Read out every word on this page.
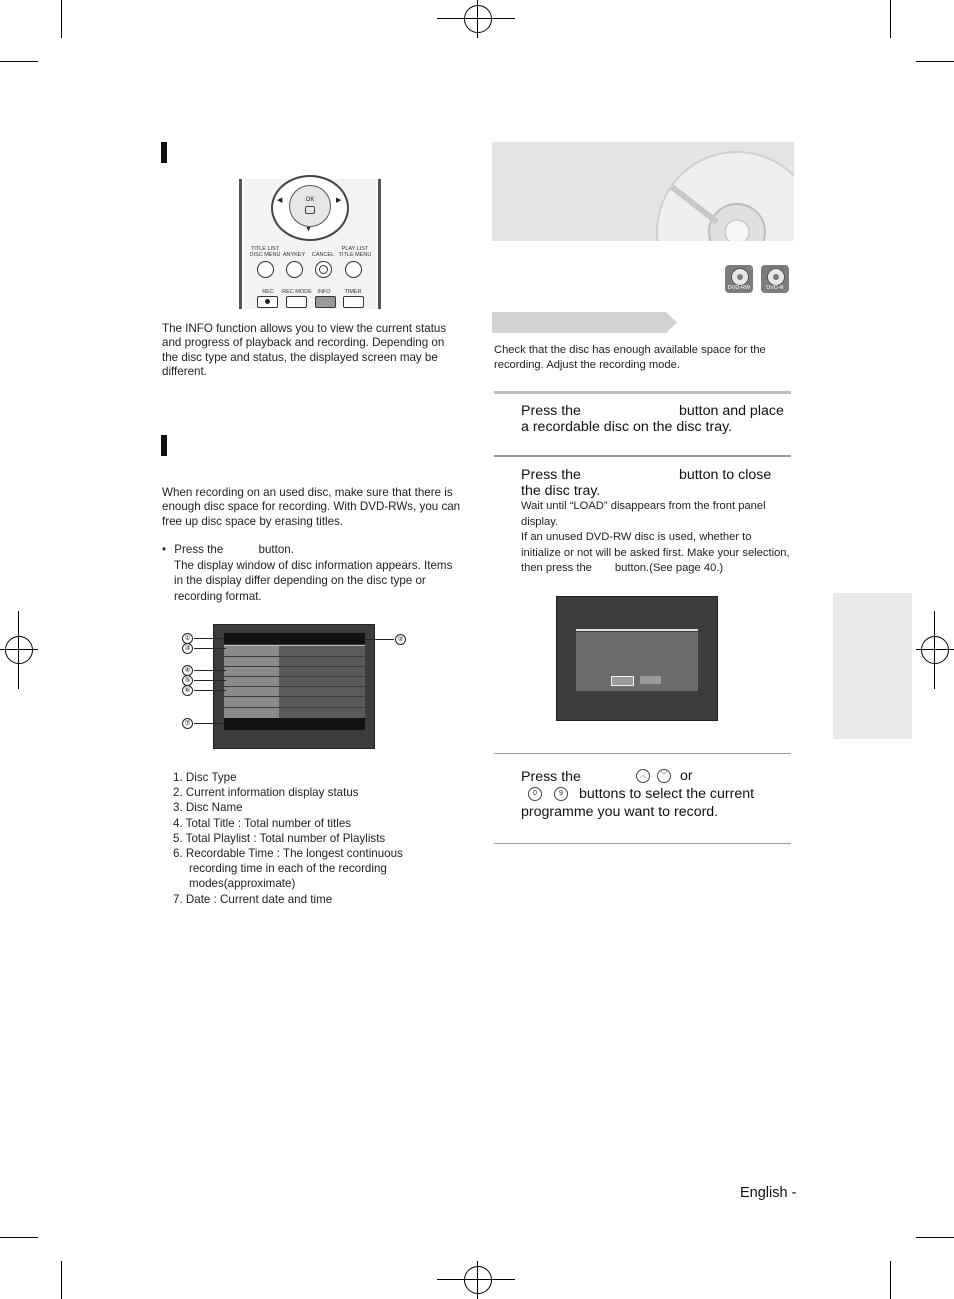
OK
◀	▶
▼
TITLE LIST
DISC MENU ANYKEY	CANCEL
PLAY LIST
TITLE MENU
REC	REC MODE	INFO	TIMER
The INFO function allows you to view the current status and progress of playback and recording. Depending on the disc type and status, the displayed screen may be different.
When recording on an used disc, make sure that there is enough disc space for recording. With DVD-RWs, you can free up disc space by erasing titles.
• Press the	button.
The display window of disc information appears. Items in the display differ depending on the disc type or recording format.
①
③
②
④
⑤
⑥
⑦
1. Disc Type
2. Current information display status
3. Disc Name
4. Total Title : Total number of titles
5. Total Playlist : Total number of Playlists
6. Recordable Time : The longest continuous recording time in each of the recording modes(approximate)
7. Date : Current date and time
DVD-RW	DVD-R
Check that the disc has enough available space for the recording. Adjust the recording mode.
Press the	button and place
a recordable disc on the disc tray.
Press the	button to close
the disc tray.
Wait until “LOAD” disappears from the front panel display.
If an unused DVD-RW disc is used, whether to initialize or not will be asked first. Make your selection, then press the button.(See page 40.)
Press the	︿	﹀ or
0	9	buttons to select the current
programme you want to record.
English -
